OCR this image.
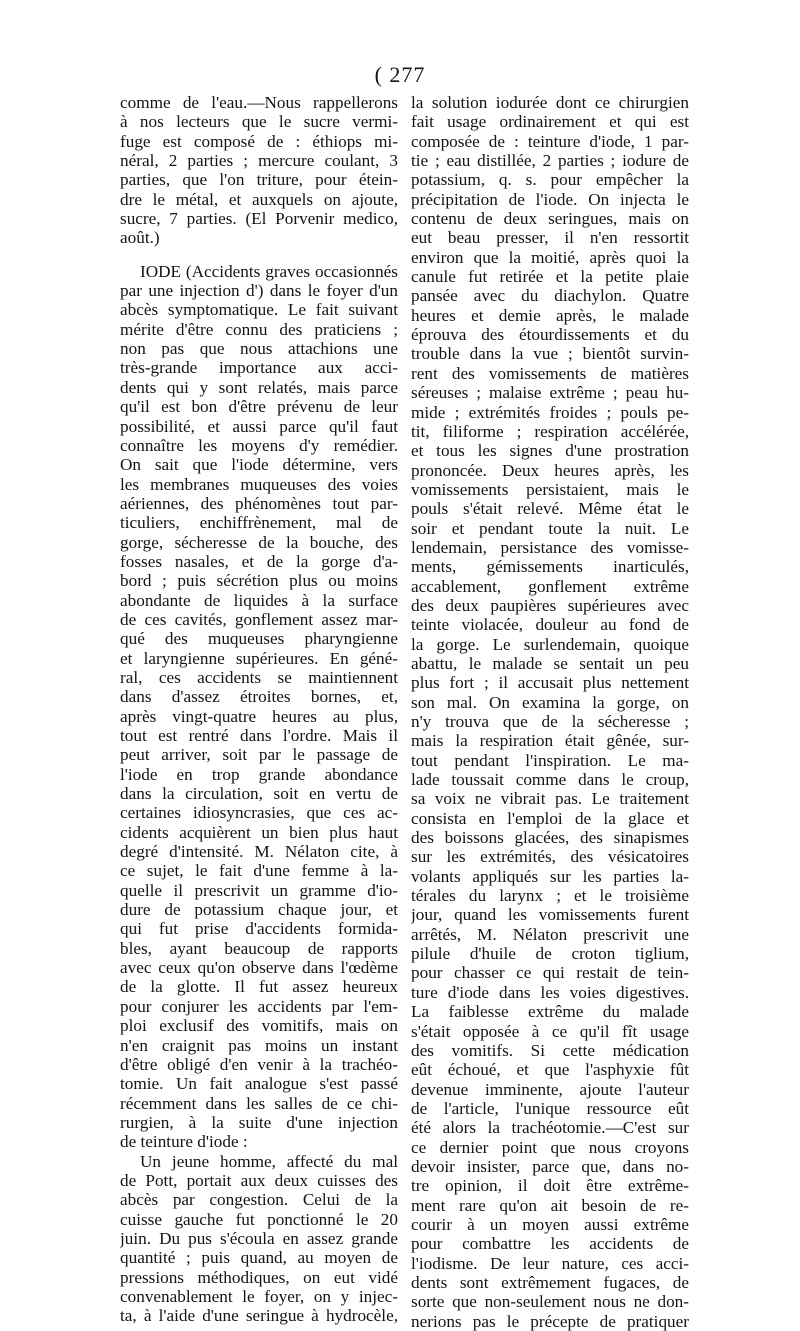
( 277
comme de l'eau.—Nous rappellerons
à nos lecteurs que le sucre vermi-
fuge est composé de : éthiops mi-
néral, 2 parties ; mercure coulant, 3
parties, que l'on triture, pour étein-
dre le métal, et auxquels on ajoute,
sucre, 7 parties. (El Porvenir medico,
août.)
IODE (Accidents graves occasionnés
par une injection d') dans le foyer d'un
abcès symptomatique. Le fait suivant
mérite d'être connu des praticiens ;
non pas que nous attachions une
très-grande importance aux acci-
dents qui y sont relatés, mais parce
qu'il est bon d'être prévenu de leur
possibilité, et aussi parce qu'il faut
connaître les moyens d'y remédier.
On sait que l'iode détermine, vers
les membranes muqueuses des voies
aériennes, des phénomènes tout par-
ticuliers, enchiffrènement, mal de
gorge, sécheresse de la bouche, des
fosses nasales, et de la gorge d'a-
bord ; puis sécrétion plus ou moins
abondante de liquides à la surface
de ces cavités, gonflement assez mar-
qué des muqueuses pharyngienne
et laryngienne supérieures. En géné-
ral, ces accidents se maintiennent
dans d'assez étroites bornes, et,
après vingt-quatre heures au plus,
tout est rentré dans l'ordre. Mais il
peut arriver, soit par le passage de
l'iode en trop grande abondance
dans la circulation, soit en vertu de
certaines idiosyncrasies, que ces ac-
cidents acquièrent un bien plus haut
degré d'intensité. M. Nélaton cite, à
ce sujet, le fait d'une femme à la-
quelle il prescrivit un gramme d'io-
dure de potassium chaque jour, et
qui fut prise d'accidents formida-
bles, ayant beaucoup de rapports
avec ceux qu'on observe dans l'œdème
de la glotte. Il fut assez heureux
pour conjurer les accidents par l'em-
ploi exclusif des vomitifs, mais on
n'en craignit pas moins un instant
d'être obligé d'en venir à la trachéo-
tomie. Un fait analogue s'est passé
récemment dans les salles de ce chi-
rurgien, à la suite d'une injection
de teinture d'iode :
Un jeune homme, affecté du mal
de Pott, portait aux deux cuisses des
abcès par congestion. Celui de la
cuisse gauche fut ponctionné le 20
juin. Du pus s'écoula en assez grande
quantité ; puis quand, au moyen de
pressions méthodiques, on eut vidé
convenablement le foyer, on y injec-
ta, à l'aide d'une seringue à hydrocèle,
la solution iodurée dont ce chirurgien
fait usage ordinairement et qui est
composée de : teinture d'iode, 1 par-
tie ; eau distillée, 2 parties ; iodure de
potassium, q. s. pour empêcher la
précipitation de l'iode. On injecta le
contenu de deux seringues, mais on
eut beau presser, il n'en ressortit
environ que la moitié, après quoi la
canule fut retirée et la petite plaie
pansée avec du diachylon. Quatre
heures et demie après, le malade
éprouva des étourdissements et du
trouble dans la vue ; bientôt survin-
rent des vomissements de matières
séreuses ; malaise extrême ; peau hu-
mide ; extrémités froides ; pouls pe-
tit, filiforme ; respiration accélérée,
et tous les signes d'une prostration
prononcée. Deux heures après, les
vomissements persistaient, mais le
pouls s'était relevé. Même état le
soir et pendant toute la nuit. Le
lendemain, persistance des vomisse-
ments, gémissements inarticulés,
accablement, gonflement extrême
des deux paupières supérieures avec
teinte violacée, douleur au fond de
la gorge. Le surlendemain, quoique
abattu, le malade se sentait un peu
plus fort ; il accusait plus nettement
son mal. On examina la gorge, on
n'y trouva que de la sécheresse ;
mais la respiration était gênée, sur-
tout pendant l'inspiration. Le ma-
lade toussait comme dans le croup,
sa voix ne vibrait pas. Le traitement
consista en l'emploi de la glace et
des boissons glacées, des sinapismes
sur les extrémités, des vésicatoires
volants appliqués sur les parties la-
térales du larynx ; et le troisième
jour, quand les vomissements furent
arrêtés, M. Nélaton prescrivit une
pilule d'huile de croton tiglium,
pour chasser ce qui restait de tein-
ture d'iode dans les voies digestives.
La faiblesse extrême du malade
s'était opposée à ce qu'il fît usage
des vomitifs. Si cette médication
eût échoué, et que l'asphyxie fût
devenue imminente, ajoute l'auteur
de l'article, l'unique ressource eût
été alors la trachéotomie.—C'est sur
ce dernier point que nous croyons
devoir insister, parce que, dans no-
tre opinion, il doit être extrême-
ment rare qu'on ait besoin de re-
courir à un moyen aussi extrême
pour combattre les accidents de
l'iodisme. De leur nature, ces acci-
dents sont extrêmement fugaces, de
sorte que non-seulement nous ne don-
nerions pas le précepte de pratiquer
